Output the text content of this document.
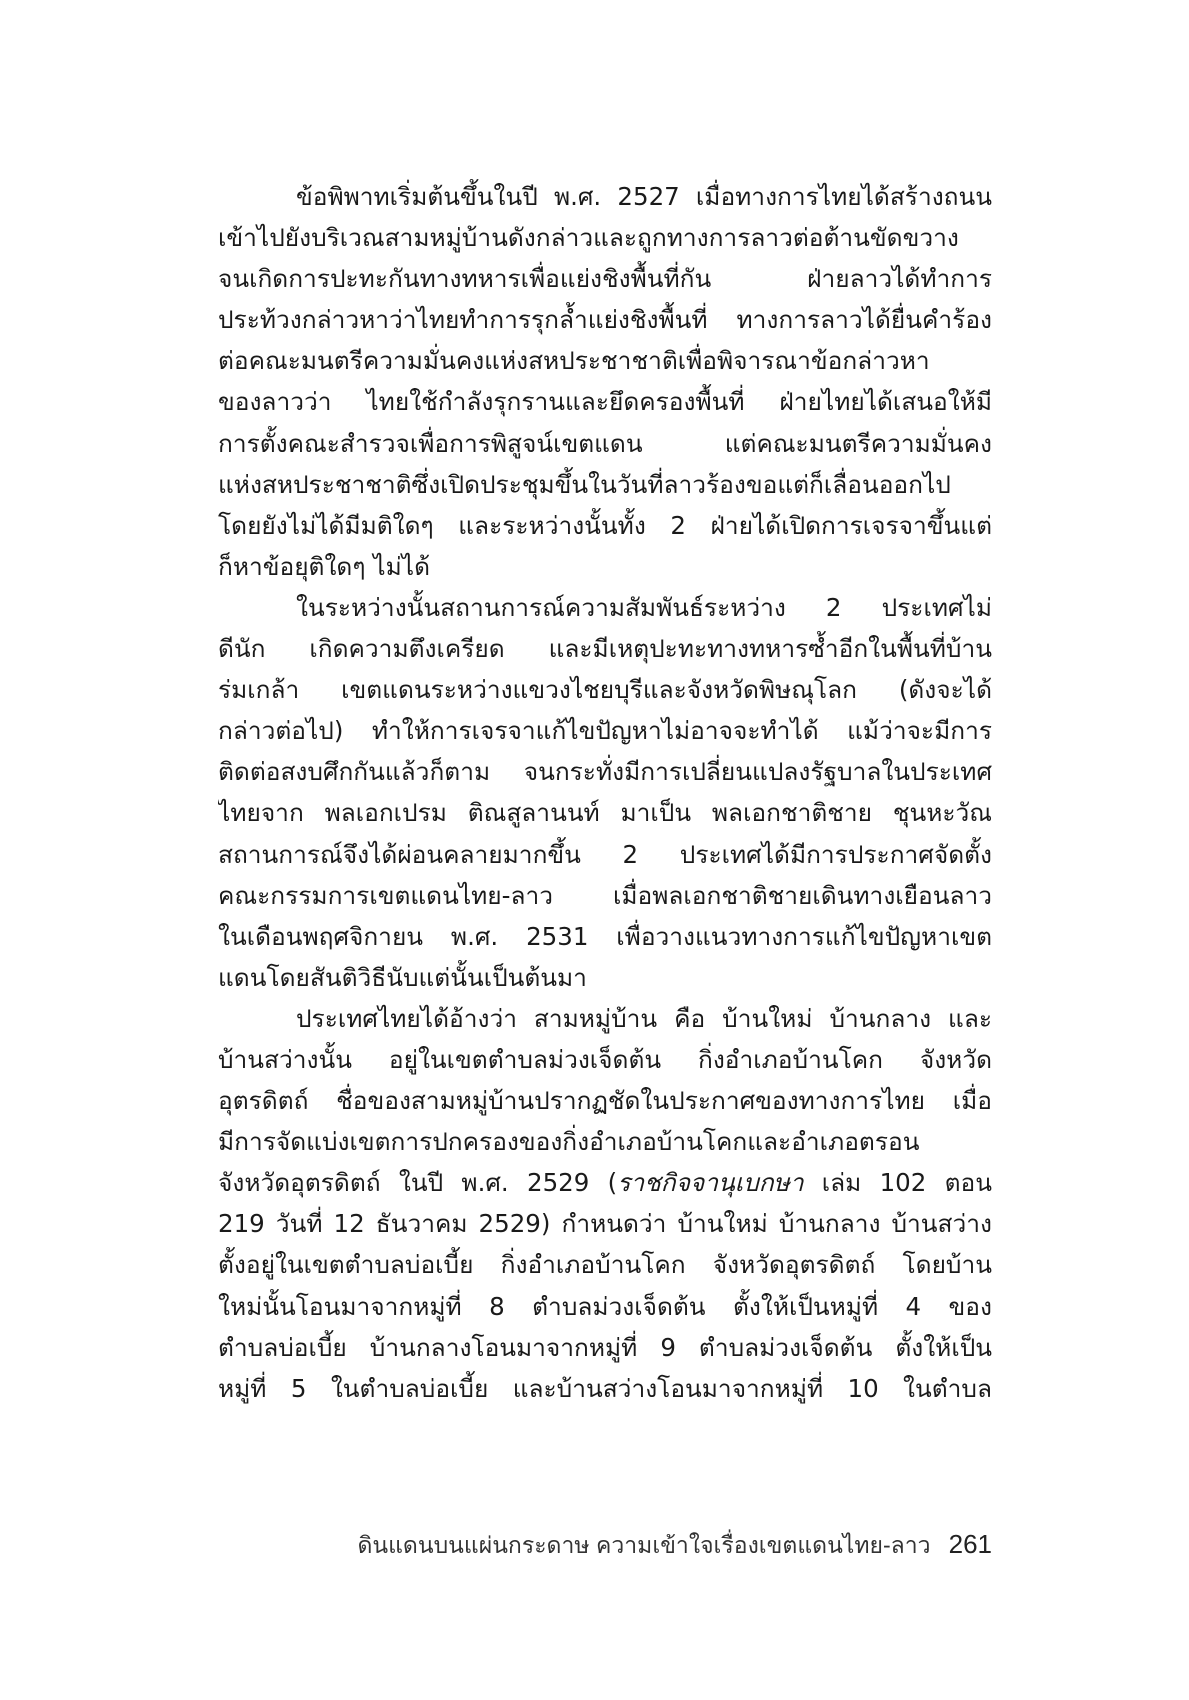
ข้อพิพาทเริ่มต้นขึ้นในปี พ.ศ. 2527 เมื่อทางการไทยได้สร้างถนน
เข้าไปยังบริเวณสามหมู่บ้านดังกล่าวและถูกทางการลาวต่อต้านขัดขวาง
จนเกิดการปะทะกันทางทหารเพื่อแย่งชิงพื้นที่กัน ฝ่ายลาวได้ทำการ
ประท้วงกล่าวหาว่าไทยทำการรุกล้ำแย่งชิงพื้นที่ ทางการลาวได้ยื่นคำร้อง
ต่อคณะมนตรีความมั่นคงแห่งสหประชาชาติเพื่อพิจารณาข้อกล่าวหา
ของลาวว่า ไทยใช้กำลังรุกรานและยึดครองพื้นที่ ฝ่ายไทยได้เสนอให้มี
การตั้งคณะสำรวจเพื่อการพิสูจน์เขตแดน แต่คณะมนตรีความมั่นคง
แห่งสหประชาชาติซึ่งเปิดประชุมขึ้นในวันที่ลาวร้องขอแต่ก็เลื่อนออกไป
โดยยังไม่ได้มีมติใดๆ และระหว่างนั้นทั้ง 2 ฝ่ายได้เปิดการเจรจาขึ้นแต่
ก็หาข้อยุติใดๆ ไม่ได้
ในระหว่างนั้นสถานการณ์ความสัมพันธ์ระหว่าง 2 ประเทศไม่
ดีนัก เกิดความตึงเครียด และมีเหตุปะทะทางทหารซ้ำอีกในพื้นที่บ้าน
ร่มเกล้า เขตแดนระหว่างแขวงไชยบุรีและจังหวัดพิษณุโลก (ดังจะได้
กล่าวต่อไป) ทำให้การเจรจาแก้ไขปัญหาไม่อาจจะทำได้ แม้ว่าจะมีการ
ติดต่อสงบศึกกันแล้วก็ตาม จนกระทั่งมีการเปลี่ยนแปลงรัฐบาลในประเทศ
ไทยจาก พลเอกเปรม ติณสูลานนท์ มาเป็น พลเอกชาติชาย ชุนหะวัณ
สถานการณ์จึงได้ผ่อนคลายมากขึ้น 2 ประเทศได้มีการประกาศจัดตั้ง
คณะกรรมการเขตแดนไทย-ลาว เมื่อพลเอกชาติชายเดินทางเยือนลาว
ในเดือนพฤศจิกายน พ.ศ. 2531 เพื่อวางแนวทางการแก้ไขปัญหาเขต
แดนโดยสันติวิธีนับแต่นั้นเป็นต้นมา
ประเทศไทยได้อ้างว่า สามหมู่บ้าน คือ บ้านใหม่ บ้านกลาง และ
บ้านสว่างนั้น อยู่ในเขตตำบลม่วงเจ็ดต้น กิ่งอำเภอบ้านโคก จังหวัด
อุตรดิตถ์ ชื่อของสามหมู่บ้านปรากฏชัดในประกาศของทางการไทย เมื่อ
มีการจัดแบ่งเขตการปกครองของกิ่งอำเภอบ้านโคกและอำเภอตรอน
จังหวัดอุตรดิตถ์ ในปี พ.ศ. 2529 (ราชกิจจานุเบกษา เล่ม 102 ตอน
219 วันที่ 12 ธันวาคม 2529) กำหนดว่า บ้านใหม่ บ้านกลาง บ้านสว่าง
ตั้งอยู่ในเขตตำบลบ่อเบี้ย กิ่งอำเภอบ้านโคก จังหวัดอุตรดิตถ์ โดยบ้าน
ใหม่นั้นโอนมาจากหมู่ที่ 8 ตำบลม่วงเจ็ดต้น ตั้งให้เป็นหมู่ที่ 4 ของ
ตำบลบ่อเบี้ย บ้านกลางโอนมาจากหมู่ที่ 9 ตำบลม่วงเจ็ดต้น ตั้งให้เป็น
หมู่ที่ 5 ในตำบลบ่อเบี้ย และบ้านสว่างโอนมาจากหมู่ที่ 10 ในตำบล
ดินแดนบนแผ่นกระดาษ ความเข้าใจเรื่องเขตแดนไทย-ลาว 261
